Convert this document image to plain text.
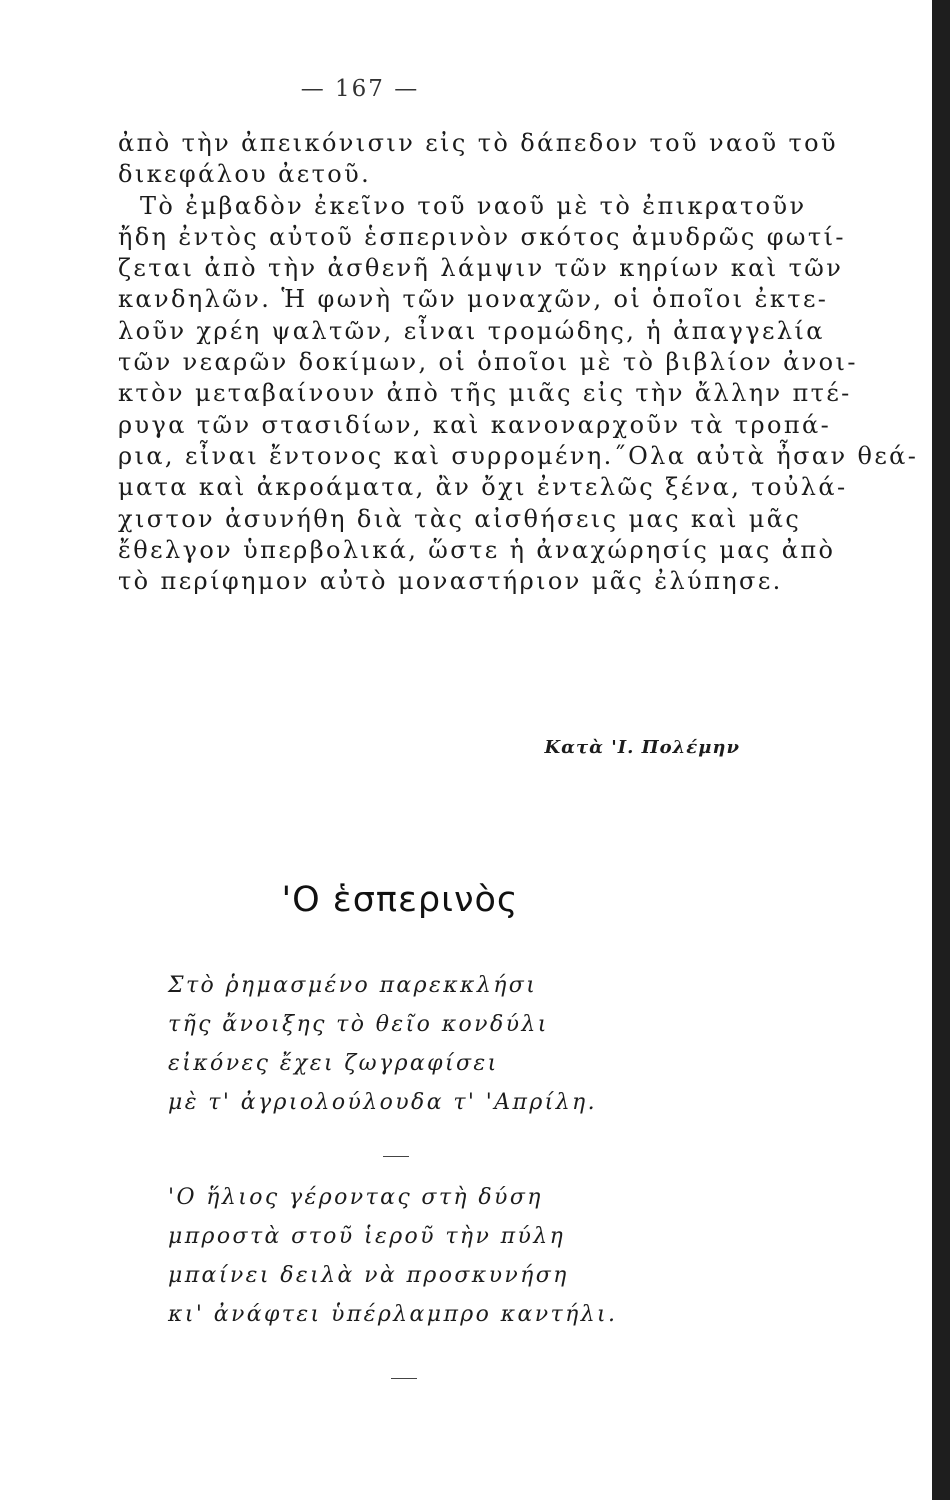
— 167 —
ἀπὸ τὴν ἀπεικόνισιν εἰς τὸ δάπεδον τοῦ ναοῦ τοῦ
δικεφάλου ἀετοῦ.
Τὸ ἐμβαδὸν ἐκεῖνο τοῦ ναοῦ μὲ τὸ ἐπικρατοῦν
ἤδη ἐντὸς αὐτοῦ ἑσπερινὸν σκότος ἀμυδρῶς φωτί-
ζεται ἀπὸ τὴν ἀσθενῆ λάμψιν τῶν κηρίων καὶ τῶν
κανδηλῶν. Ἡ φωνὴ τῶν μοναχῶν, οἱ ὁποῖοι ἐκτε-
λοῦν χρέη ψαλτῶν, εἶναι τρομώδης, ἡ ἀπαγγελία
τῶν νεαρῶν δοκίμων, οἱ ὁποῖοι μὲ τὸ βιβλίον ἀνοι-
κτὸν μεταβαίνουν ἀπὸ τῆς μιᾶς εἰς τὴν ἄλλην πτέ-
ρυγα τῶν στασιδίων, καὶ κανοναρχοῦν τὰ τροπά-
ρια, εἶναι ἔντονος καὶ συρρομένη.˝Ολα αὐτὰ ἦσαν θεά-
ματα καὶ ἀκροάματα, ἂν ὄχι ἐντελῶς ξένα, τοὐλά-
χιστον ἀσυνήθη διὰ τὰς αἰσθήσεις μας καὶ μᾶς
ἔθελγον ὑπερβολικά, ὥστε ἡ ἀναχώρησίς μας ἀπὸ
τὸ περίφημον αὐτὸ μοναστήριον μᾶς ἐλύπησε.
Κατὰ 'Ι. Πολέμην
'Ο ἑσπερινὸς
Στὸ ῥημασμένο παρεκκλήσι
τῆς ἄνοιξης τὸ θεῖο κονδύλι
εἰκόνες ἔχει ζωγραφίσει
μὲ τ' ἀγριολούλουδα τ' 'Απρίλη.
'Ο ἥλιος γέροντας στὴ δύση
μπροστὰ στοῦ ἱεροῦ τὴν πύλη
μπαίνει δειλὰ νὰ προσκυνήση
κι' ἀνάφτει ὑπέρλαμπρο καντήλι.
